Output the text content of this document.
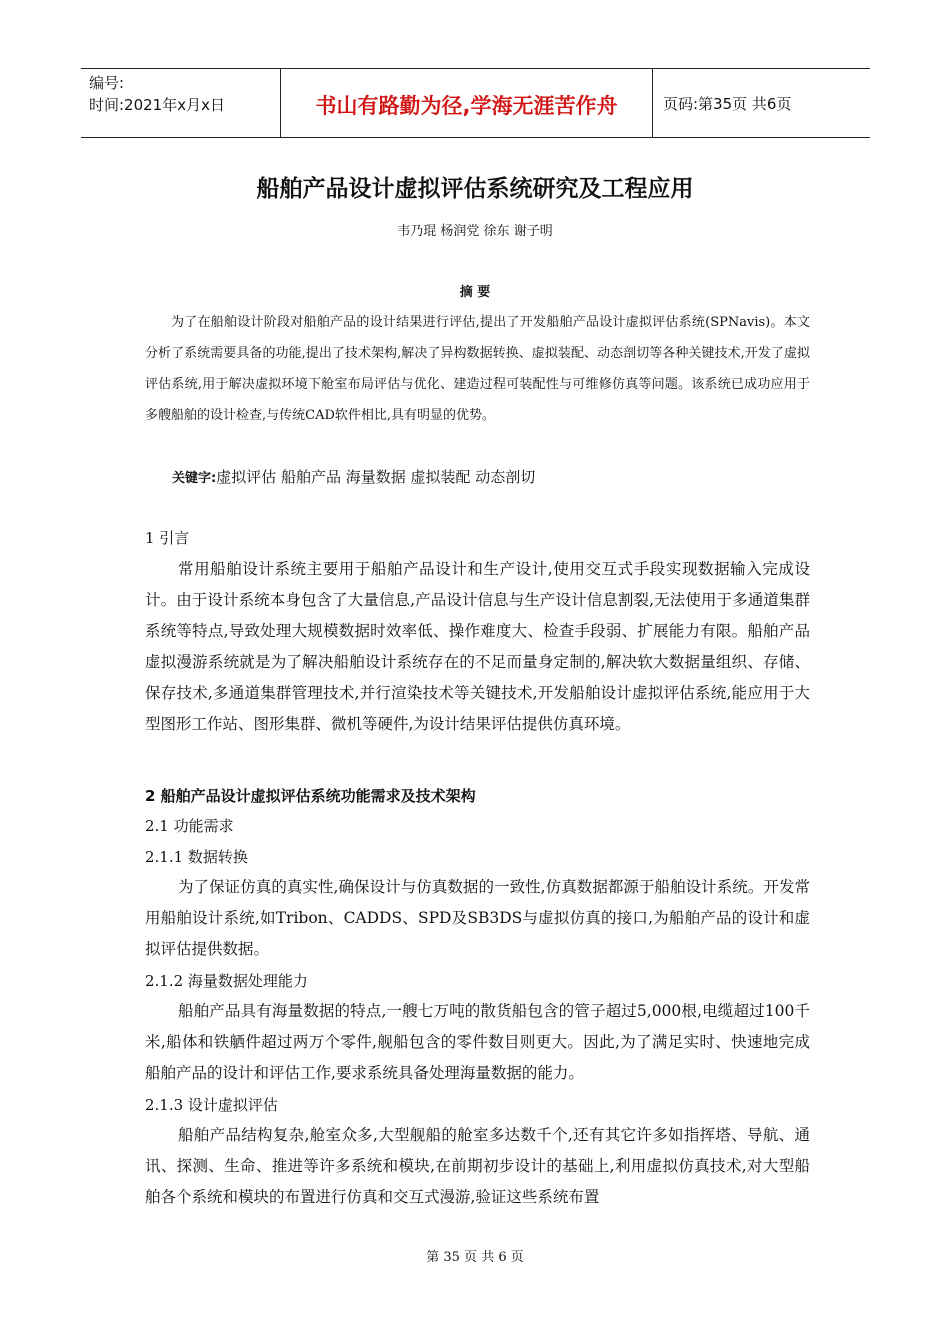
编号:
时间:2021年x月x日	书山有路勤为径,学海无涯苦作舟	页码:第35页 共6页
船舶产品设计虚拟评估系统研究及工程应用
韦乃琨 杨润党 徐东 谢子明
摘 要

为了在船舶设计阶段对船舶产品的设计结果进行评估,提出了开发船舶产品设计虚拟评估系统(SPNavis)。本文分析了系统需要具备的功能,提出了技术架构,解决了异构数据转换、虚拟装配、动态剖切等各种关键技术,开发了虚拟评估系统,用于解决虚拟环境下舱室布局评估与优化、建造过程可装配性与可维修仿真等问题。该系统已成功应用于多艘船舶的设计检查,与传统CAD软件相比,具有明显的优势。

关键字:虚拟评估 船舶产品 海量数据 虚拟装配 动态剖切
1 引言

常用船舶设计系统主要用于船舶产品设计和生产设计,使用交互式手段实现数据输入完成设计。由于设计系统本身包含了大量信息,产品设计信息与生产设计信息割裂,无法使用于多通道集群系统等特点,导致处理大规模数据时效率低、操作难度大、检查手段弱、扩展能力有限。船舶产品虚拟漫游系统就是为了解决船舶设计系统存在的不足而量身定制的,解决软大数据量组织、存储、保存技术,多通道集群管理技术,并行渲染技术等关键技术,开发船舶设计虚拟评估系统,能应用于大型图形工作站、图形集群、微机等硬件,为设计结果评估提供仿真环境。

2 船舶产品设计虚拟评估系统功能需求及技术架构
2.1 功能需求
2.1.1 数据转换

为了保证仿真的真实性,确保设计与仿真数据的一致性,仿真数据都源于船舶设计系统。开发常用船舶设计系统,如Tribon、CADDS、SPD及SB3DS与虚拟仿真的接口,为船舶产品的设计和虚拟评估提供数据。

2.1.2 海量数据处理能力

船舶产品具有海量数据的特点,一艘七万吨的散货船包含的管子超过5,000根,电缆超过100千米,船体和铁舾件超过两万个零件,舰船包含的零件数目则更大。因此,为了满足实时、快速地完成船舶产品的设计和评估工作,要求系统具备处理海量数据的能力。

2.1.3 设计虚拟评估

船舶产品结构复杂,舱室众多,大型舰船的舱室多达数千个,还有其它许多如指挥塔、导航、通讯、探测、生命、推进等许多系统和模块,在前期初步设计的基础上,利用虚拟仿真技术,对大型船舶各个系统和模块的布置进行仿真和交互式漫游,验证这些系统布置

第 35 页 共 6 页
